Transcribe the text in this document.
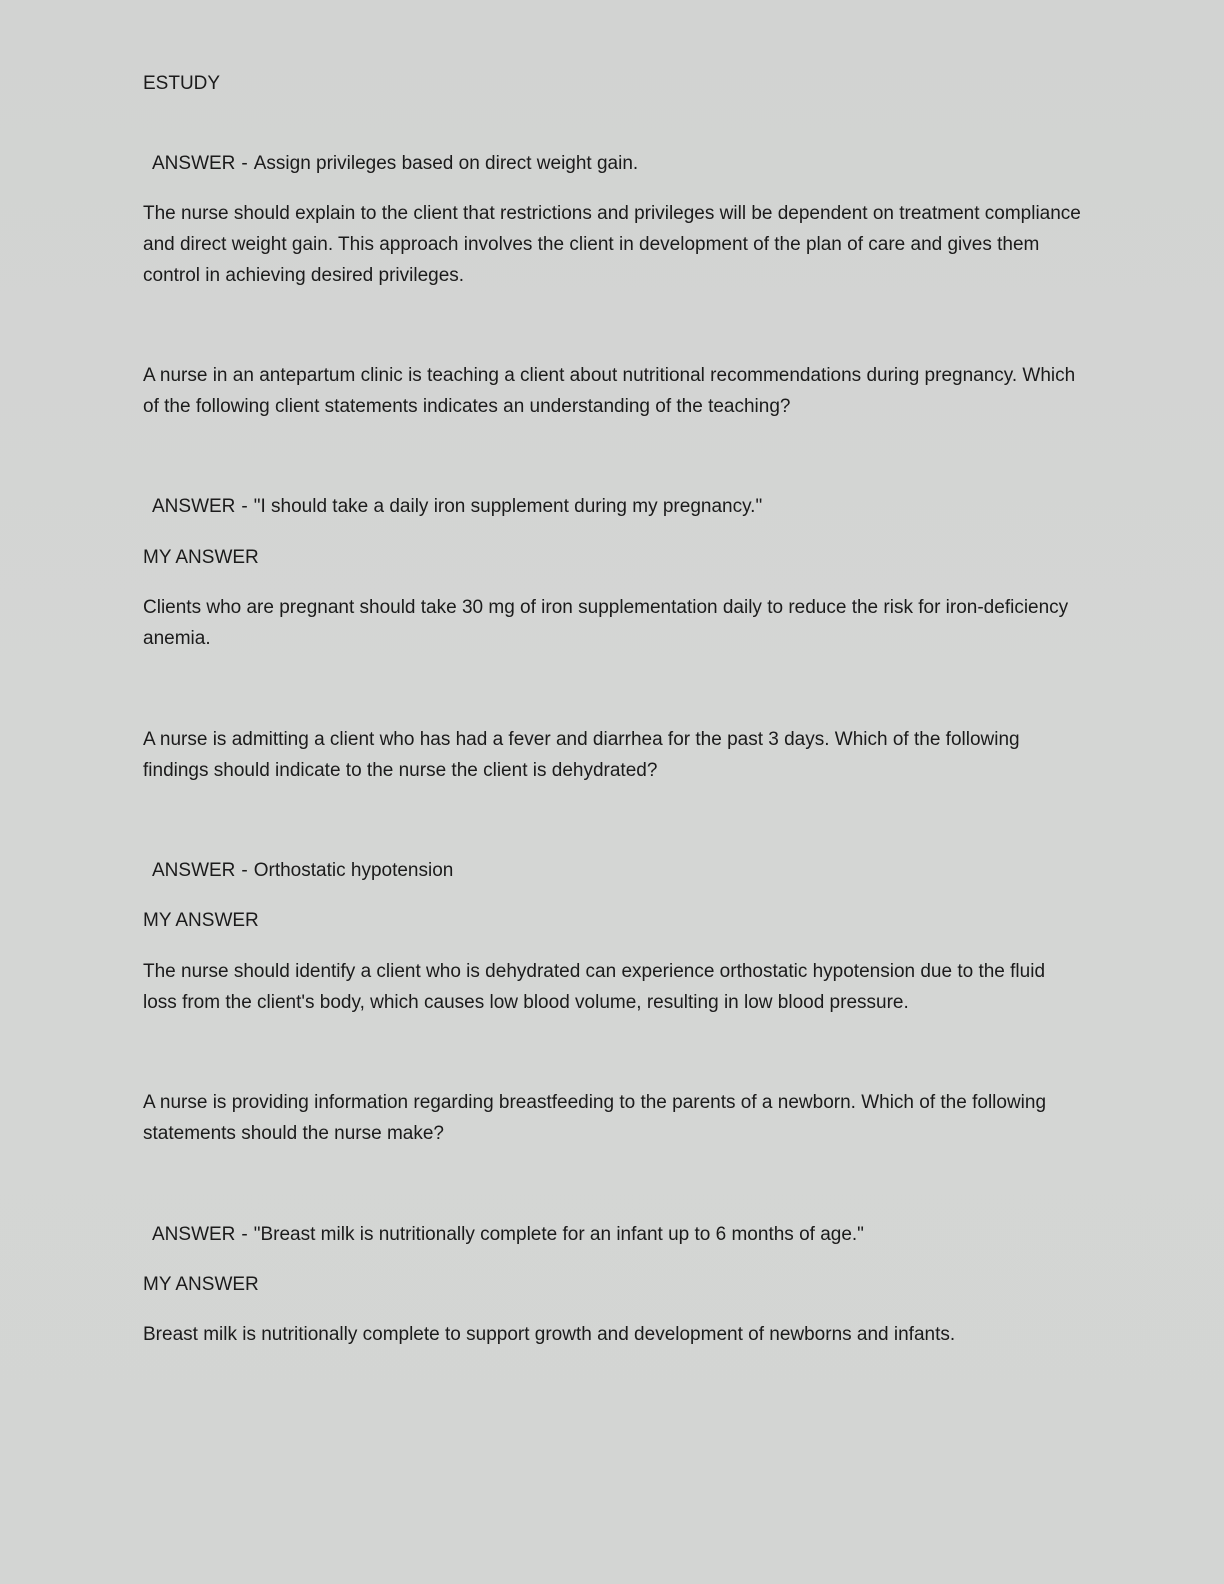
ESTUDY

ANSWER - Assign privileges based on direct weight gain.

The nurse should explain to the client that restrictions and privileges will be dependent on treatment compliance and direct weight gain. This approach involves the client in development of the plan of care and gives them control in achieving desired privileges.

A nurse in an antepartum clinic is teaching a client about nutritional recommendations during pregnancy. Which of the following client statements indicates an understanding of the teaching?

ANSWER - "I should take a daily iron supplement during my pregnancy."

MY ANSWER

Clients who are pregnant should take 30 mg of iron supplementation daily to reduce the risk for iron-deficiency anemia.

A nurse is admitting a client who has had a fever and diarrhea for the past 3 days. Which of the following findings should indicate to the nurse the client is dehydrated?

ANSWER - Orthostatic hypotension

MY ANSWER

The nurse should identify a client who is dehydrated can experience orthostatic hypotension due to the fluid loss from the client's body, which causes low blood volume, resulting in low blood pressure.

A nurse is providing information regarding breastfeeding to the parents of a newborn. Which of the following statements should the nurse make?

ANSWER - "Breast milk is nutritionally complete for an infant up to 6 months of age."

MY ANSWER

Breast milk is nutritionally complete to support growth and development of newborns and infants.
